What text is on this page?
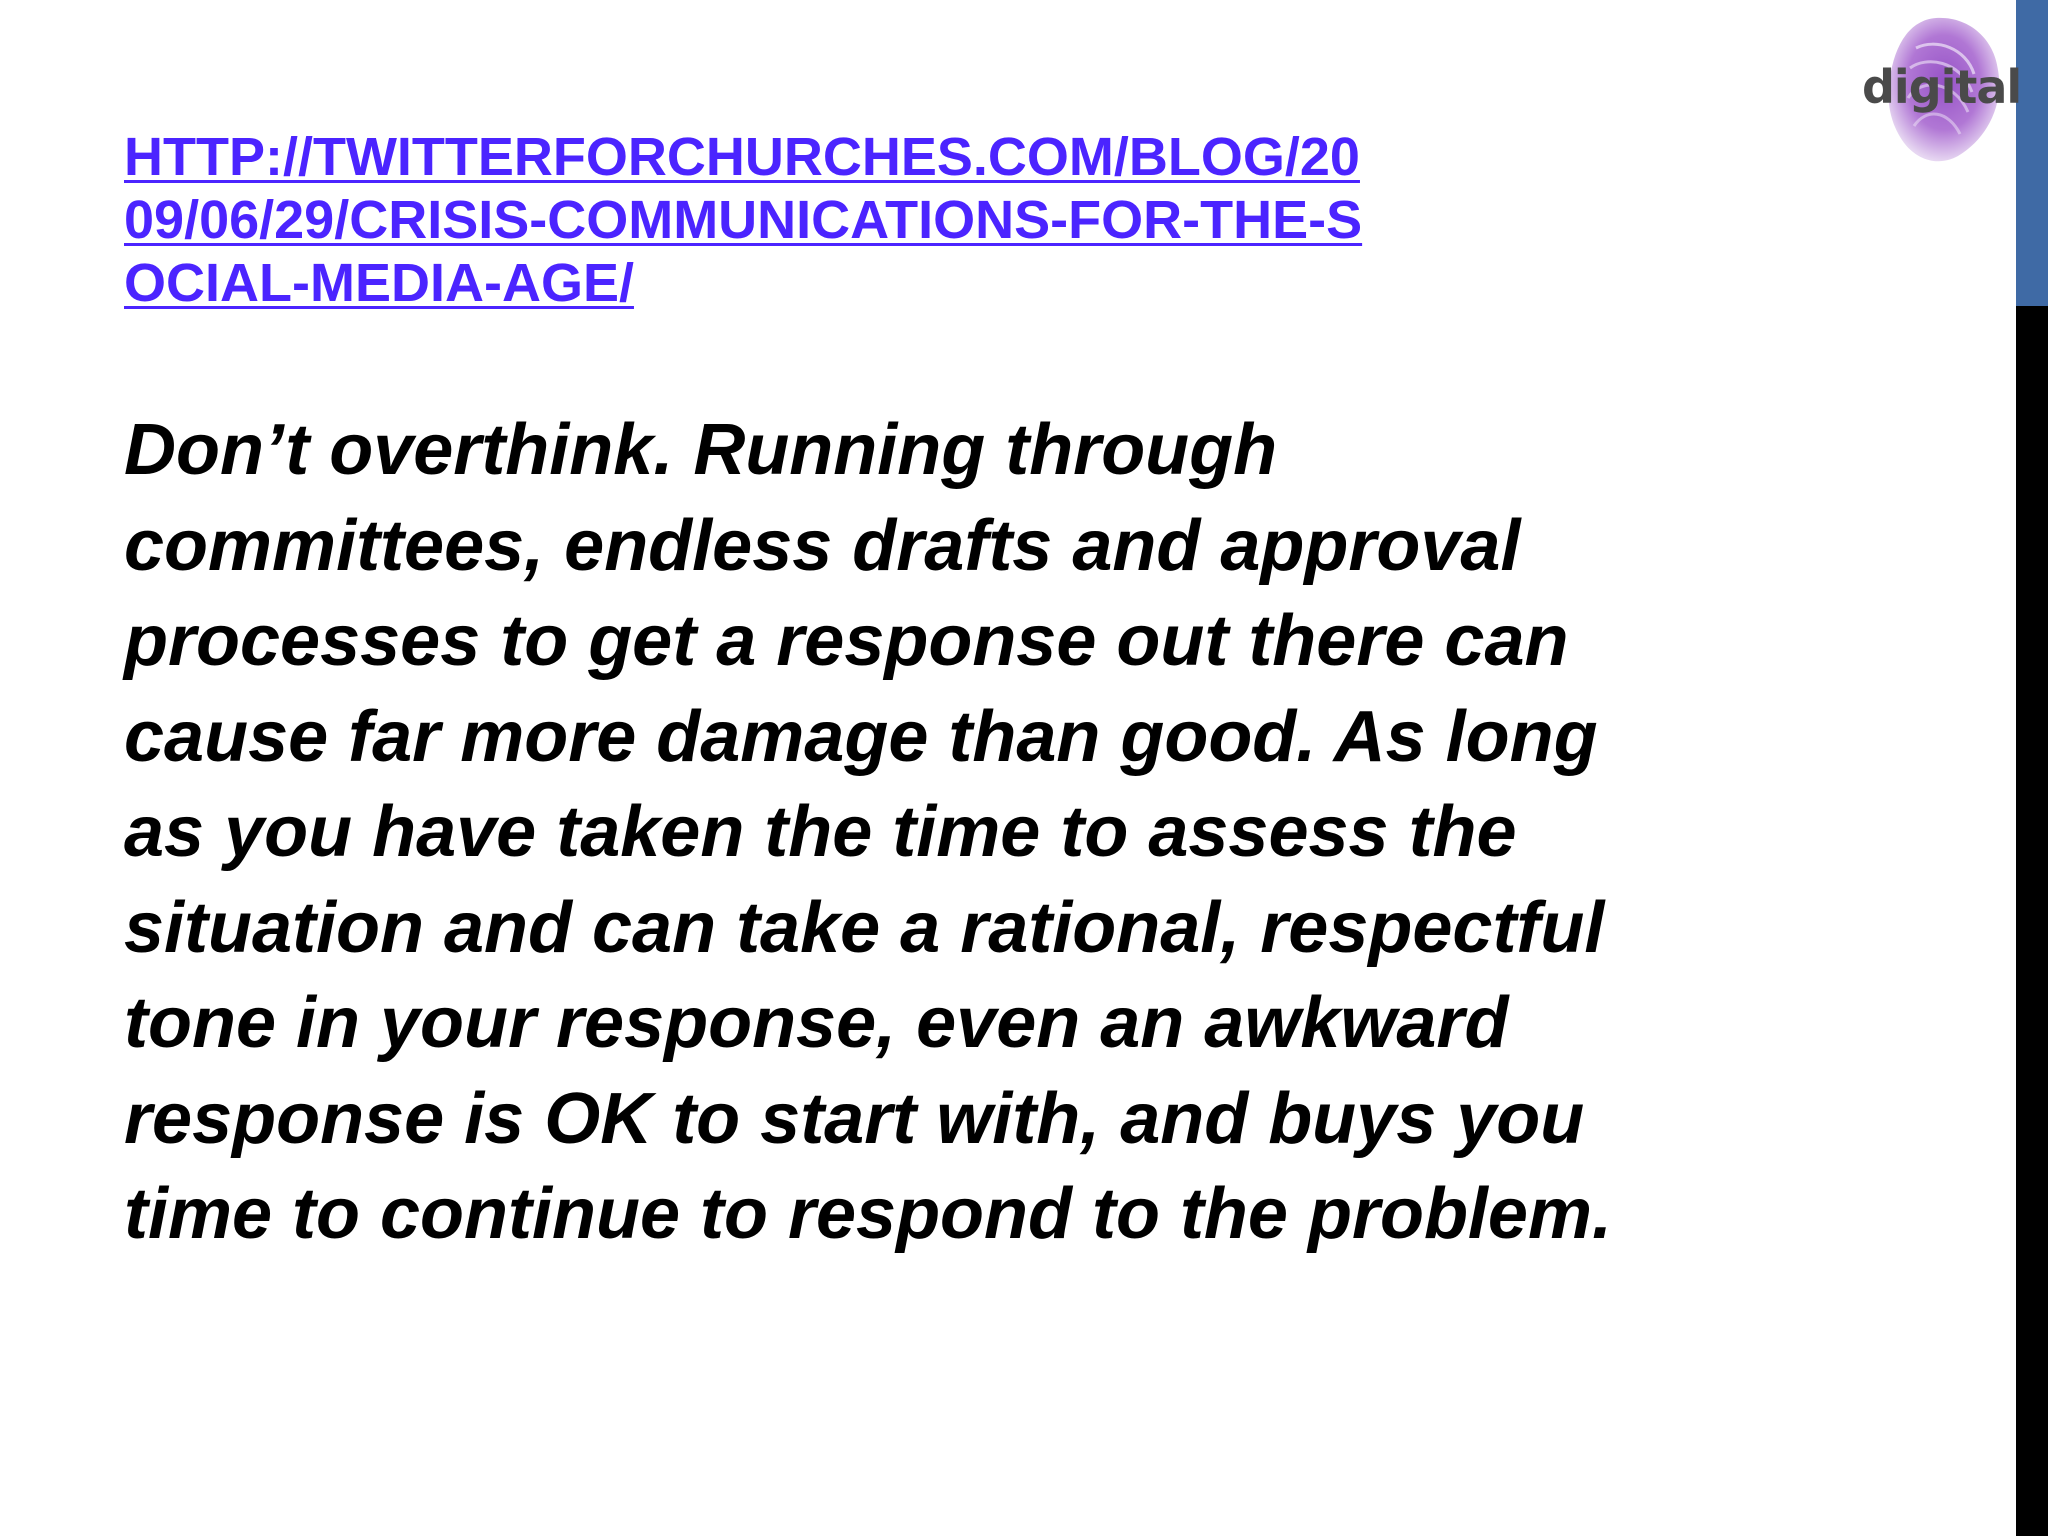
digital
HTTP://TWITTERFORCHURCHES.COM/BLOG/2009/06/29/CRISIS-COMMUNICATIONS-FOR-THE-SOCIAL-MEDIA-AGE/

Don’t overthink. Running through
committees, endless drafts and approval
processes to get a response out there can
cause far more damage than good. As long
as you have taken the time to assess the
situation and can take a rational, respectful
tone in your response, even an awkward
response is OK to start with, and buys you
time to continue to respond to the problem.
